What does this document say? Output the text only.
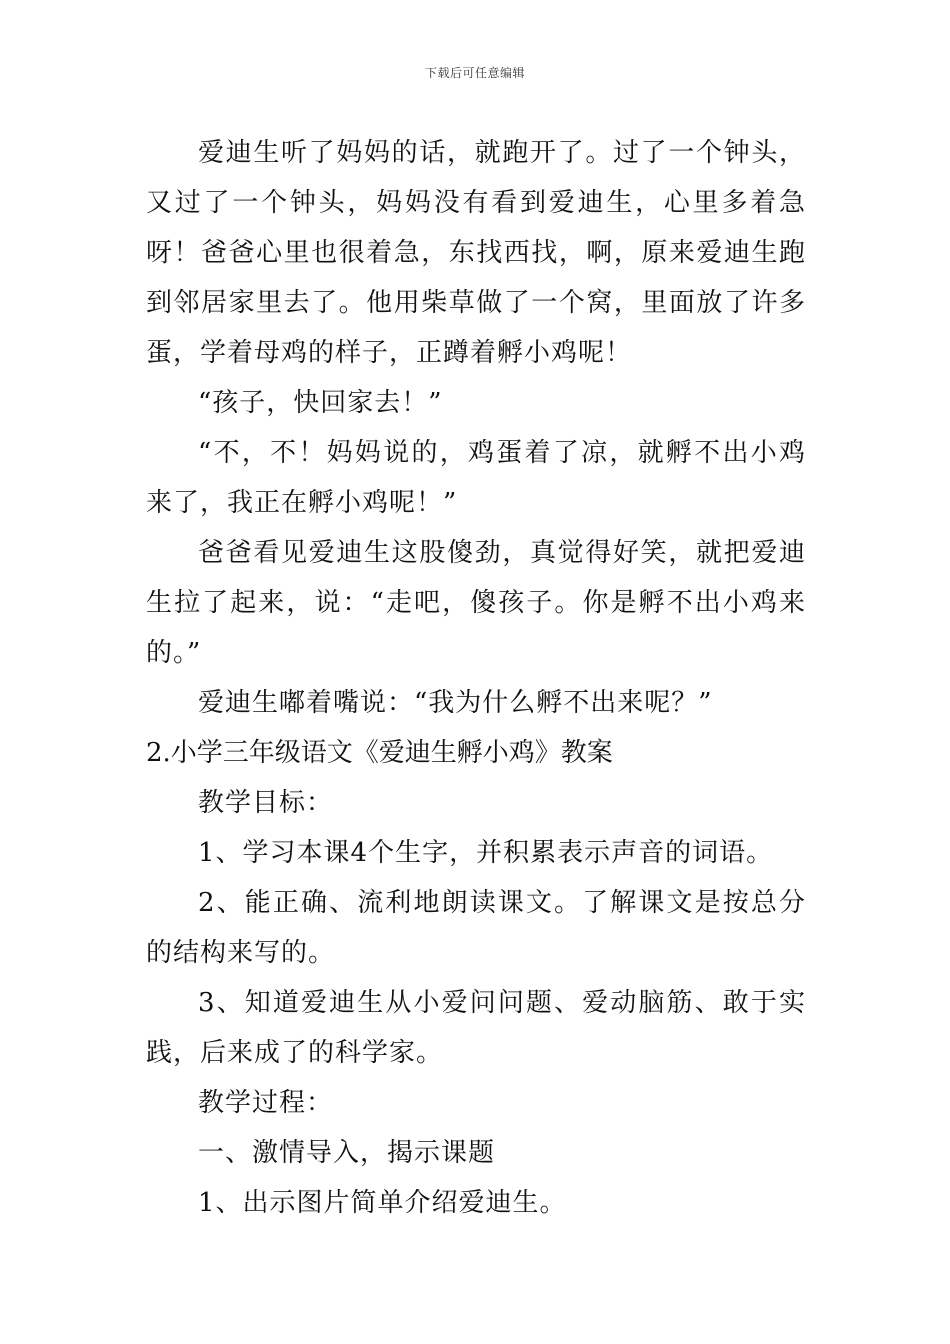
下载后可任意编辑

爱迪生听了妈妈的话，就跑开了。过了一个钟头，又过了一个钟头，妈妈没有看到爱迪生，心里多着急呀！爸爸心里也很着急，东找西找，啊，原来爱迪生跑到邻居家里去了。他用柴草做了一个窝，里面放了许多蛋，学着母鸡的样子，正蹲着孵小鸡呢！

“孩子，快回家去！”

“不，不！妈妈说的，鸡蛋着了凉，就孵不出小鸡来了，我正在孵小鸡呢！”

爸爸看见爱迪生这股傻劲，真觉得好笑，就把爱迪生拉了起来，说：“走吧，傻孩子。你是孵不出小鸡来的。”

爱迪生嘟着嘴说：“我为什么孵不出来呢？”

2.小学三年级语文《爱迪生孵小鸡》教案

教学目标：

1、学习本课4个生字，并积累表示声音的词语。

2、能正确、流利地朗读课文。了解课文是按总分的结构来写的。

3、知道爱迪生从小爱问问题、爱动脑筋、敢于实践，后来成了的科学家。

教学过程：

一、激情导入，揭示课题

1、出示图片简单介绍爱迪生。
